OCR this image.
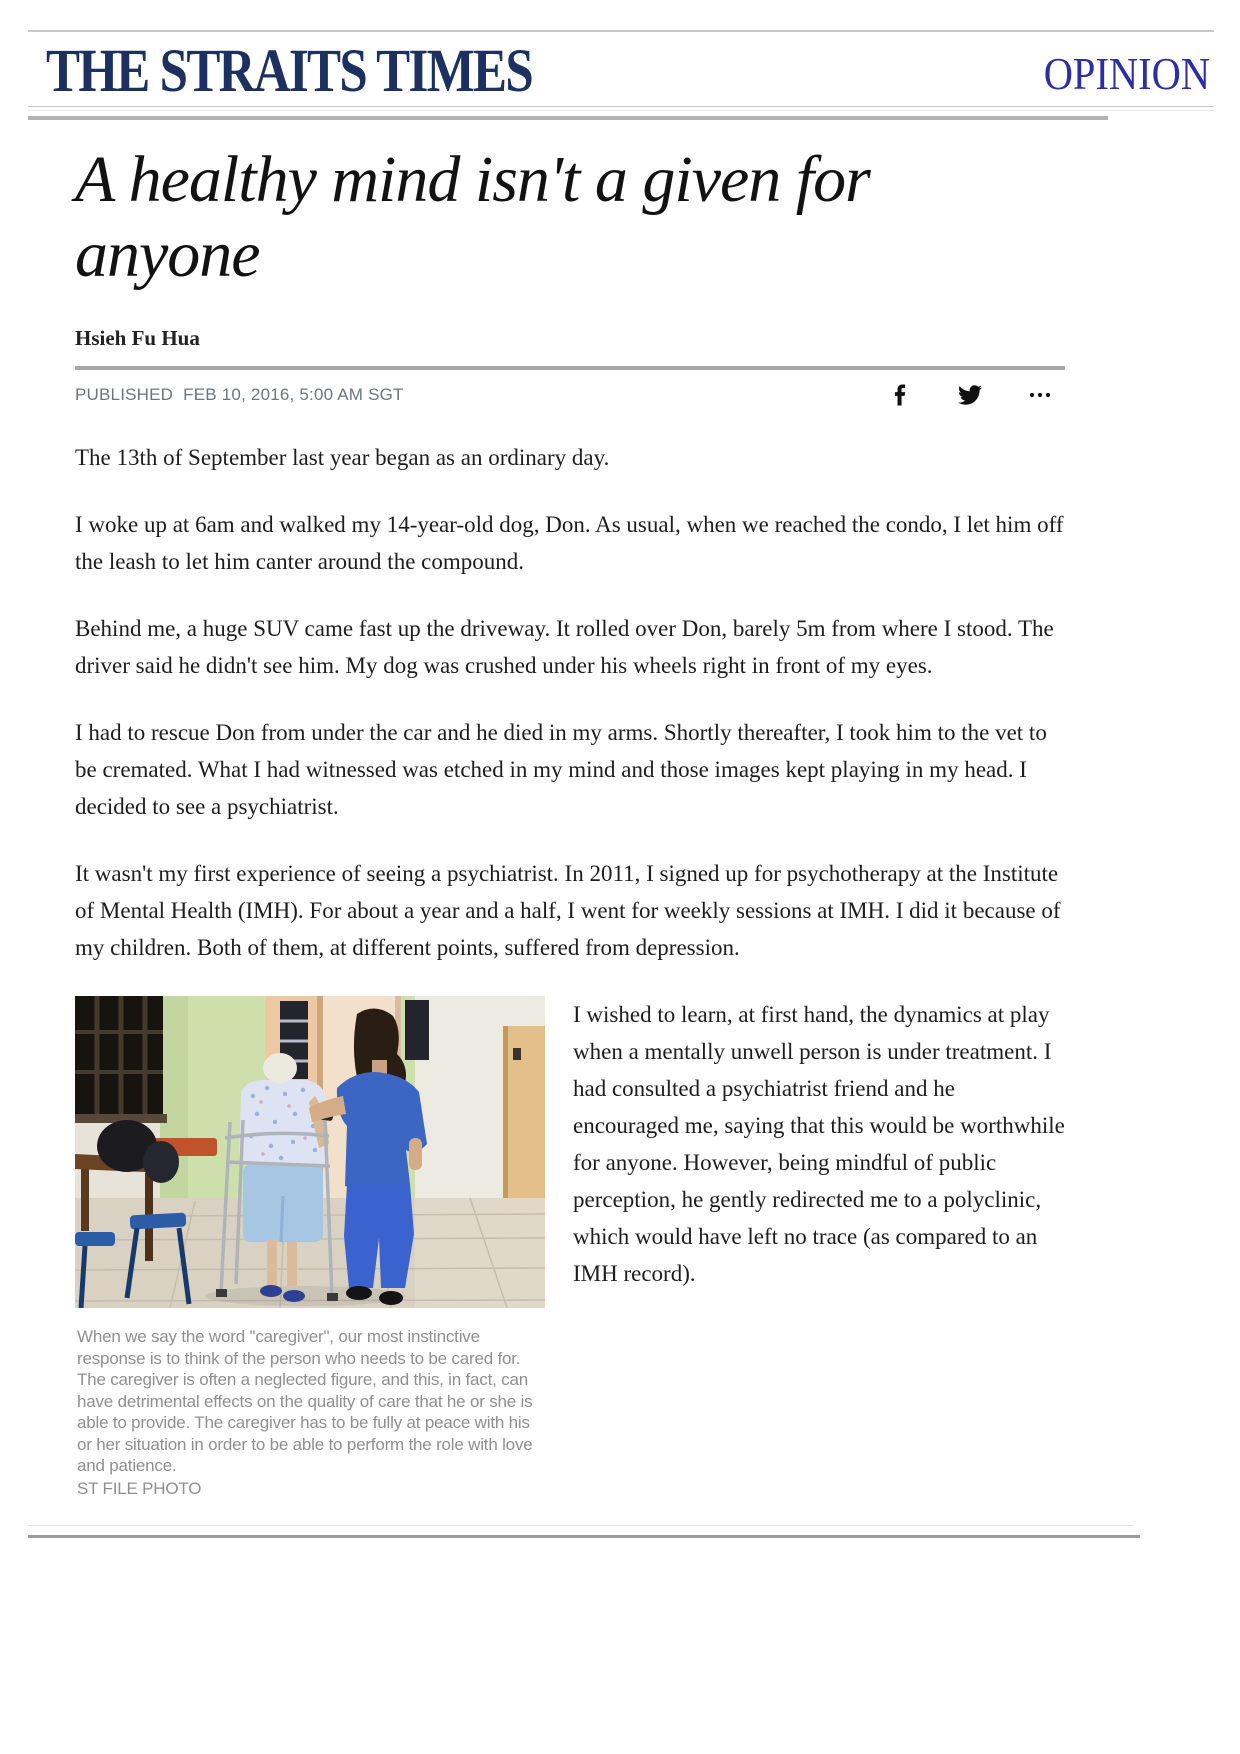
THE STRAITS TIMES	OPINION
A healthy mind isn't a given for anyone
Hsieh Fu Hua
PUBLISHED FEB 10, 2016, 5:00 AM SGT

The 13th of September last year began as an ordinary day.

I woke up at 6am and walked my 14-year-old dog, Don. As usual, when we reached the condo, I let him off the leash to let him canter around the compound.

Behind me, a huge SUV came fast up the driveway. It rolled over Don, barely 5m from where I stood. The driver said he didn't see him. My dog was crushed under his wheels right in front of my eyes.

I had to rescue Don from under the car and he died in my arms. Shortly thereafter, I took him to the vet to be cremated. What I had witnessed was etched in my mind and those images kept playing in my head. I decided to see a psychiatrist.

It wasn't my first experience of seeing a psychiatrist. In 2011, I signed up for psychotherapy at the Institute of Mental Health (IMH). For about a year and a half, I went for weekly sessions at IMH. I did it because of my children. Both of them, at different points, suffered from depression.

When we say the word "caregiver", our most instinctive response is to think of the person who needs to be cared for. The caregiver is often a neglected figure, and this, in fact, can have detrimental effects on the quality of care that he or she is able to provide. The caregiver has to be fully at peace with his or her situation in order to be able to perform the role with love and patience.
ST FILE PHOTO
I wished to learn, at first hand, the dynamics at play when a mentally unwell person is under treatment. I had consulted a psychiatrist friend and he encouraged me, saying that this would be worthwhile for anyone. However, being mindful of public perception, he gently redirected me to a polyclinic, which would have left no trace (as compared to an IMH record).
